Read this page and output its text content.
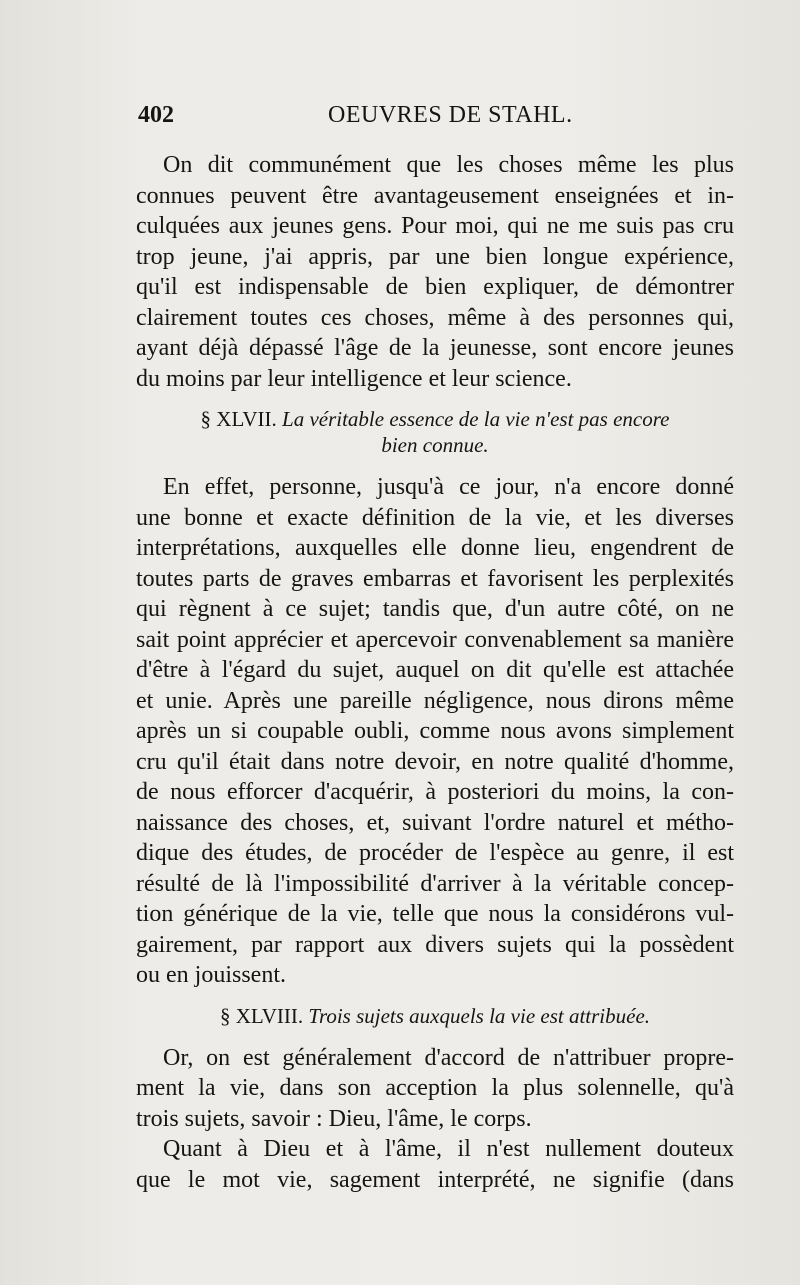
402	OEUVRES DE STAHL.

On dit communément que les choses même les plus
connues peuvent être avantageusement enseignées et in-
culquées aux jeunes gens. Pour moi, qui ne me suis pas cru
trop jeune, j'ai appris, par une bien longue expérience,
qu'il est indispensable de bien expliquer, de démontrer
clairement toutes ces choses, même à des personnes qui,
ayant déjà dépassé l'âge de la jeunesse, sont encore jeunes
du moins par leur intelligence et leur science.

§ XLVII. La véritable essence de la vie n'est pas encore
bien connue.

En effet, personne, jusqu'à ce jour, n'a encore donné
une bonne et exacte définition de la vie, et les diverses
interprétations, auxquelles elle donne lieu, engendrent de
toutes parts de graves embarras et favorisent les perplexités
qui règnent à ce sujet; tandis que, d'un autre côté, on ne
sait point apprécier et apercevoir convenablement sa manière
d'être à l'égard du sujet, auquel on dit qu'elle est attachée
et unie. Après une pareille négligence, nous dirons même
après un si coupable oubli, comme nous avons simplement
cru qu'il était dans notre devoir, en notre qualité d'homme,
de nous efforcer d'acquérir, à posteriori du moins, la con-
naissance des choses, et, suivant l'ordre naturel et métho-
dique des études, de procéder de l'espèce au genre, il est
résulté de là l'impossibilité d'arriver à la véritable concep-
tion générique de la vie, telle que nous la considérons vul-
gairement, par rapport aux divers sujets qui la possèdent
ou en jouissent.

§ XLVIII. Trois sujets auxquels la vie est attribuée.

Or, on est généralement d'accord de n'attribuer propre-
ment la vie, dans son acception la plus solennelle, qu'à
trois sujets, savoir : Dieu, l'âme, le corps.

Quant à Dieu et à l'âme, il n'est nullement douteux
que le mot vie, sagement interprété, ne signifie (dans
